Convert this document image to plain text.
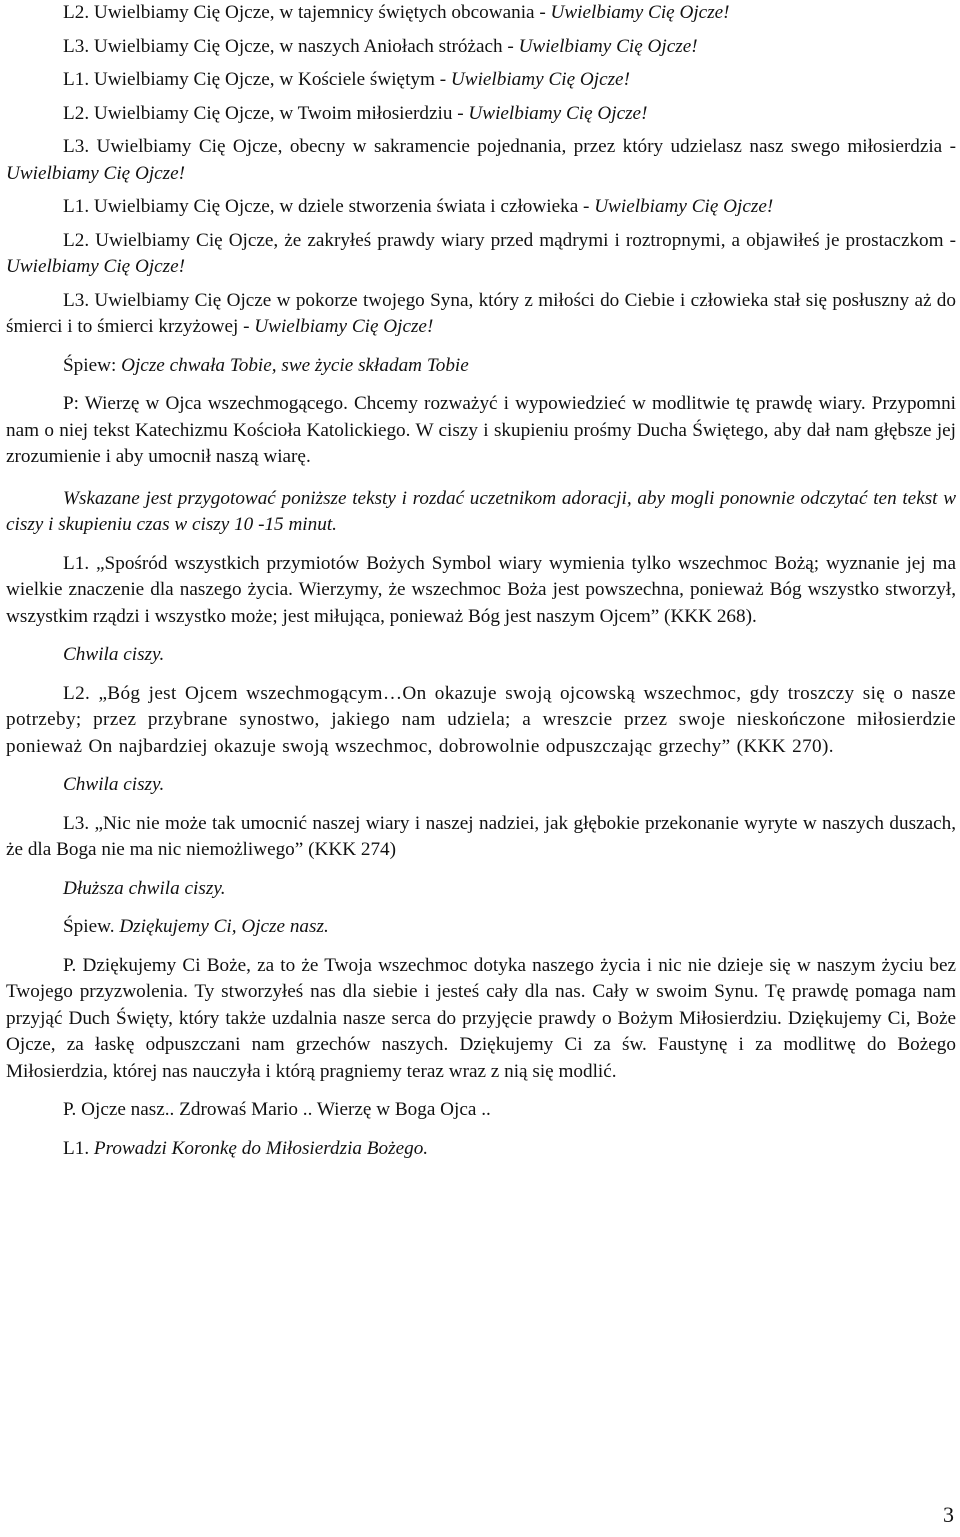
L2. Uwielbiamy Cię Ojcze, w tajemnicy świętych obcowania - Uwielbiamy Cię Ojcze!

L3. Uwielbiamy Cię Ojcze, w naszych Aniołach stróżach - Uwielbiamy Cię Ojcze!

L1. Uwielbiamy Cię Ojcze, w Kościele świętym - Uwielbiamy Cię Ojcze!

L2. Uwielbiamy Cię Ojcze, w Twoim miłosierdziu - Uwielbiamy Cię Ojcze!

L3. Uwielbiamy Cię Ojcze, obecny w sakramencie pojednania, przez który udzielasz nasz swego miłosierdzia - Uwielbiamy Cię Ojcze!

L1. Uwielbiamy Cię Ojcze, w dziele stworzenia świata i człowieka - Uwielbiamy Cię Ojcze!

L2. Uwielbiamy Cię Ojcze, że zakryłeś prawdy wiary przed mądrymi i roztropnymi, a objawiłeś je prostaczkom - Uwielbiamy Cię Ojcze!

L3. Uwielbiamy Cię Ojcze w pokorze twojego Syna, który z miłości do Ciebie i człowieka stał się posłuszny aż do śmierci i to śmierci krzyżowej - Uwielbiamy Cię Ojcze!

Śpiew: Ojcze chwała Tobie, swe życie składam Tobie

P: Wierzę w Ojca wszechmogącego. Chcemy rozważyć i wypowiedzieć w modlitwie tę prawdę wiary. Przypomni nam o niej tekst Katechizmu Kościoła Katolickiego. W ciszy i skupieniu prośmy Ducha Świętego, aby dał nam głębsze jej zrozumienie i aby umocnił naszą wiarę.

Wskazane jest przygotować poniższe teksty i rozdać uczetnikom adoracji, aby mogli ponownie odczytać ten tekst w ciszy i skupieniu czas w ciszy 10 -15 minut.

L1. „Spośród wszystkich przymiotów Bożych Symbol wiary wymienia tylko wszechmoc Bożą; wyznanie jej ma wielkie znaczenie dla naszego życia. Wierzymy, że wszechmoc Boża jest powszechna, ponieważ Bóg wszystko stworzył, wszystkim rządzi i wszystko może; jest miłująca, ponieważ Bóg jest naszym Ojcem” (KKK 268).

Chwila ciszy.

L2. „Bóg jest Ojcem wszechmogącym…On okazuje swoją ojcowską wszechmoc, gdy troszczy się o nasze potrzeby; przez przybrane synostwo, jakiego nam udziela; a wreszcie przez swoje nieskończone miłosierdzie ponieważ On najbardziej okazuje swoją wszechmoc, dobrowolnie odpuszczając grzechy” (KKK 270).

Chwila ciszy.

L3. „Nic nie może tak umocnić naszej wiary i naszej nadziei, jak głębokie przekonanie wyryte w naszych duszach, że dla Boga nie ma nic niemożliwego” (KKK 274)

Dłuższa chwila ciszy.

Śpiew. Dziękujemy Ci, Ojcze nasz.

P. Dziękujemy Ci Boże, za to że Twoja wszechmoc dotyka naszego życia i nic nie dzieje się w naszym życiu bez Twojego przyzwolenia. Ty stworzyłeś nas dla siebie i jesteś cały dla nas. Cały w swoim Synu. Tę prawdę pomaga nam przyjąć Duch Święty, który także uzdalnia nasze serca do przyjęcie prawdy o Bożym Miłosierdziu. Dziękujemy Ci, Boże Ojcze, za łaskę odpuszczani nam grzechów naszych. Dziękujemy Ci za św. Faustynę i za modlitwę do Bożego Miłosierdzia, której nas nauczyła i którą pragniemy teraz wraz z nią się modlić.

P. Ojcze nasz.. Zdrowaś Mario .. Wierzę w Boga Ojca ..

L1. Prowadzi Koronkę do Miłosierdzia Bożego.

3
